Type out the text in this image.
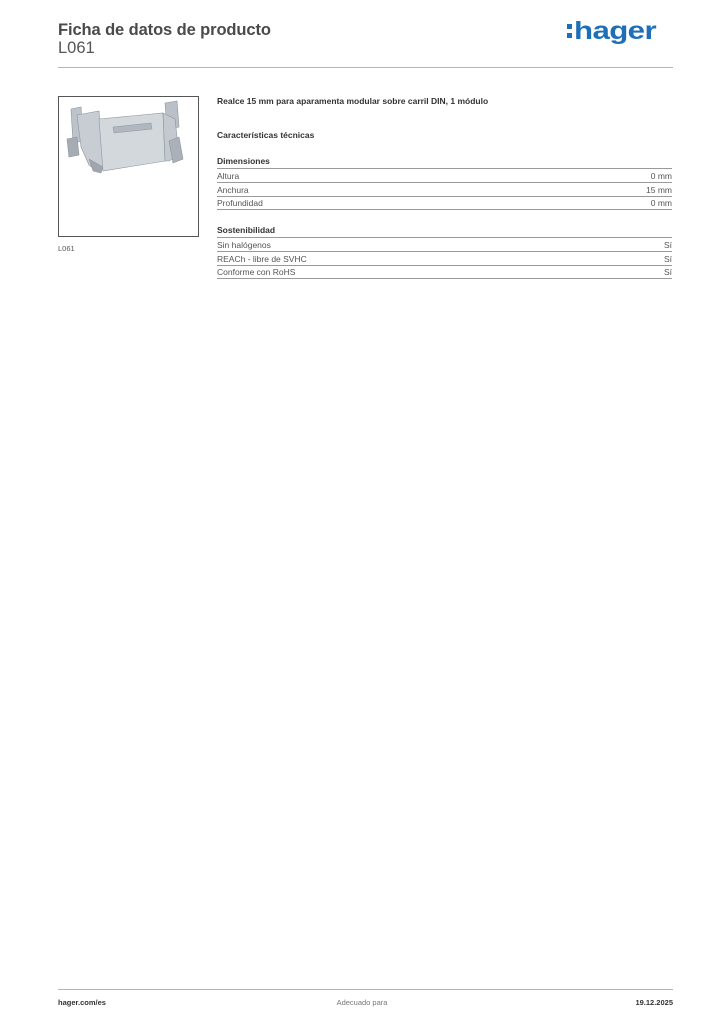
Ficha de datos de producto
L061
hager
L061
Realce 15 mm para aparamenta modular sobre carril DIN, 1 módulo
Características técnicas
Dimensiones
Altura	0 mm
Anchura	15 mm
Profundidad	0 mm
Sostenibilidad
Sin halógenos	Sí
REACh - libre de SVHC	Sí
Conforme con RoHS	Sí
hager.com/es	Adecuado para	19.12.2025
